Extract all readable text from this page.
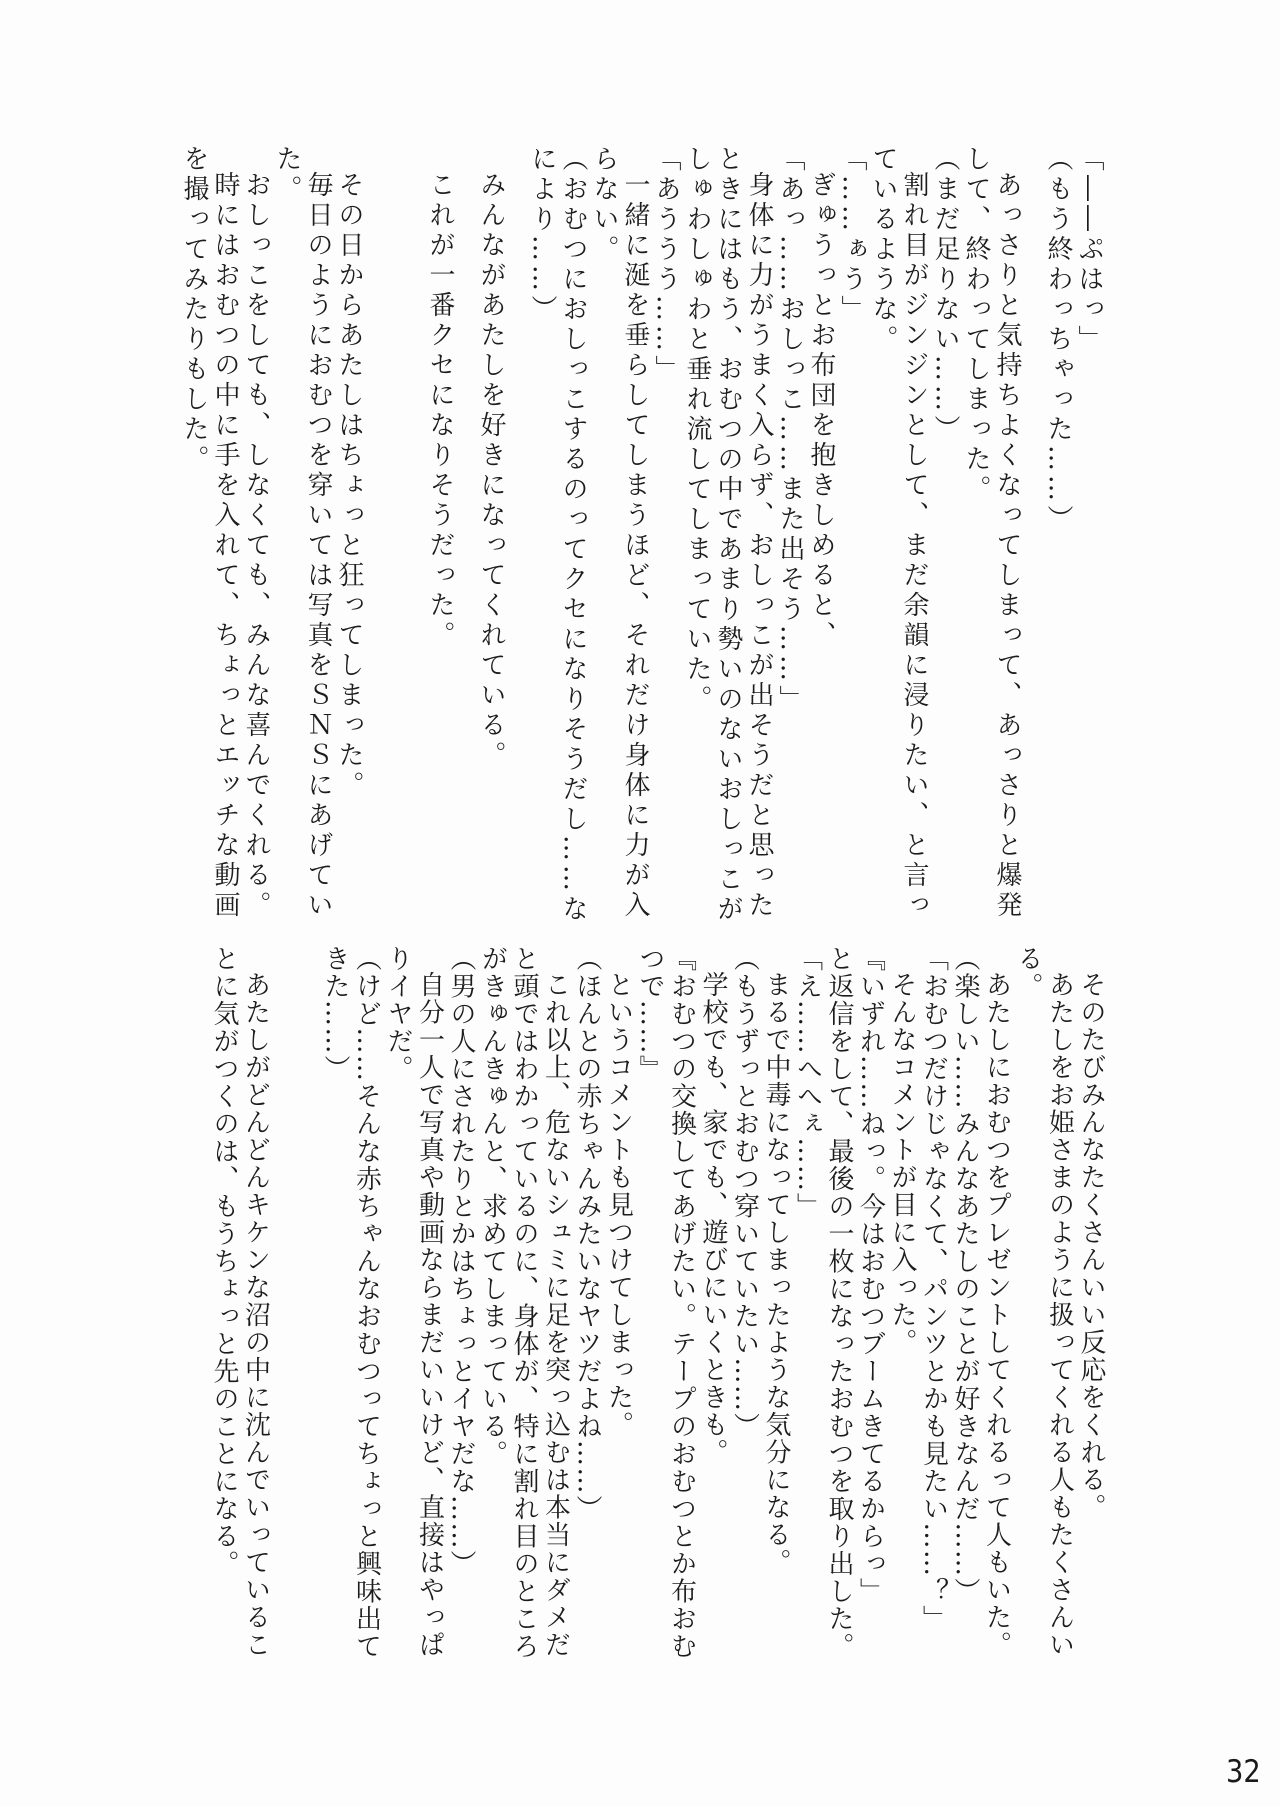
「――ぷはっ」

（もう終わっちゃった……）

あっさりと気持ちよくなってしまって、あっさりと爆発

して、終わってしまった。

（まだ足りない……）

割れ目がジンジンとして、まだ余韻に浸りたい、と言っ

ているような。

「……ぁう」

ぎゅうっとお布団を抱きしめると、

「あっ……おしっこ……また出そう……」

身体に力がうまく入らず、おしっこが出そうだと思った

ときにはもう、おむつの中であまり勢いのないおしっこが

しゅわしゅわと垂れ流してしまっていた。

「あううう……」

一緒に涎を垂らしてしまうほど、それだけ身体に力が入

らない。

（おむつにおしっこするのってクセになりそうだし……な

により……）

みんながあたしを好きになってくれている。

これが一番クセになりそうだった。

その日からあたしはちょっと狂ってしまった。

毎日のようにおむつを穿いては写真をＳＮＳにあげてい

た。

おしっこをしても、しなくても、みんな喜んでくれる。

時にはおむつの中に手を入れて、ちょっとエッチな動画

を撮ってみたりもした。

そのたびみんなたくさんいい反応をくれる。

あたしをお姫さまのように扱ってくれる人もたくさんい

る。

あたしにおむつをプレゼントしてくれるって人もいた。

（楽しい……みんなあたしのことが好きなんだ……）

「おむつだけじゃなくて、パンツとかも見たい……？」

そんなコメントが目に入った。

『いずれ……ねっ。今はおむつブームきてるからっ」

と返信をして、最後の一枚になったおむつを取り出した。

「え……へへぇ……」

まるで中毒になってしまったような気分になる。

（もうずっとおむつ穿いていたい……）

学校でも、家でも、遊びにいくときも。

『おむつの交換してあげたい。テープのおむつとか布おむ

つで……』

というコメントも見つけてしまった。

（ほんとの赤ちゃんみたいなヤツだよね……）

これ以上、危ないシュミに足を突っ込むは本当にダメだ

と頭ではわかっているのに、身体が、特に割れ目のところ

がきゅんきゅんと、求めてしまっている。

（男の人にされたりとかはちょっとイヤだな……）

自分一人で写真や動画ならまだいいけど、直接はやっぱ

りイヤだ。

（けど……そんな赤ちゃんなおむつってちょっと興味出て

きた……）

あたしがどんどんキケンな沼の中に沈んでいっているこ

とに気がつくのは、もうちょっと先のことになる。

32
